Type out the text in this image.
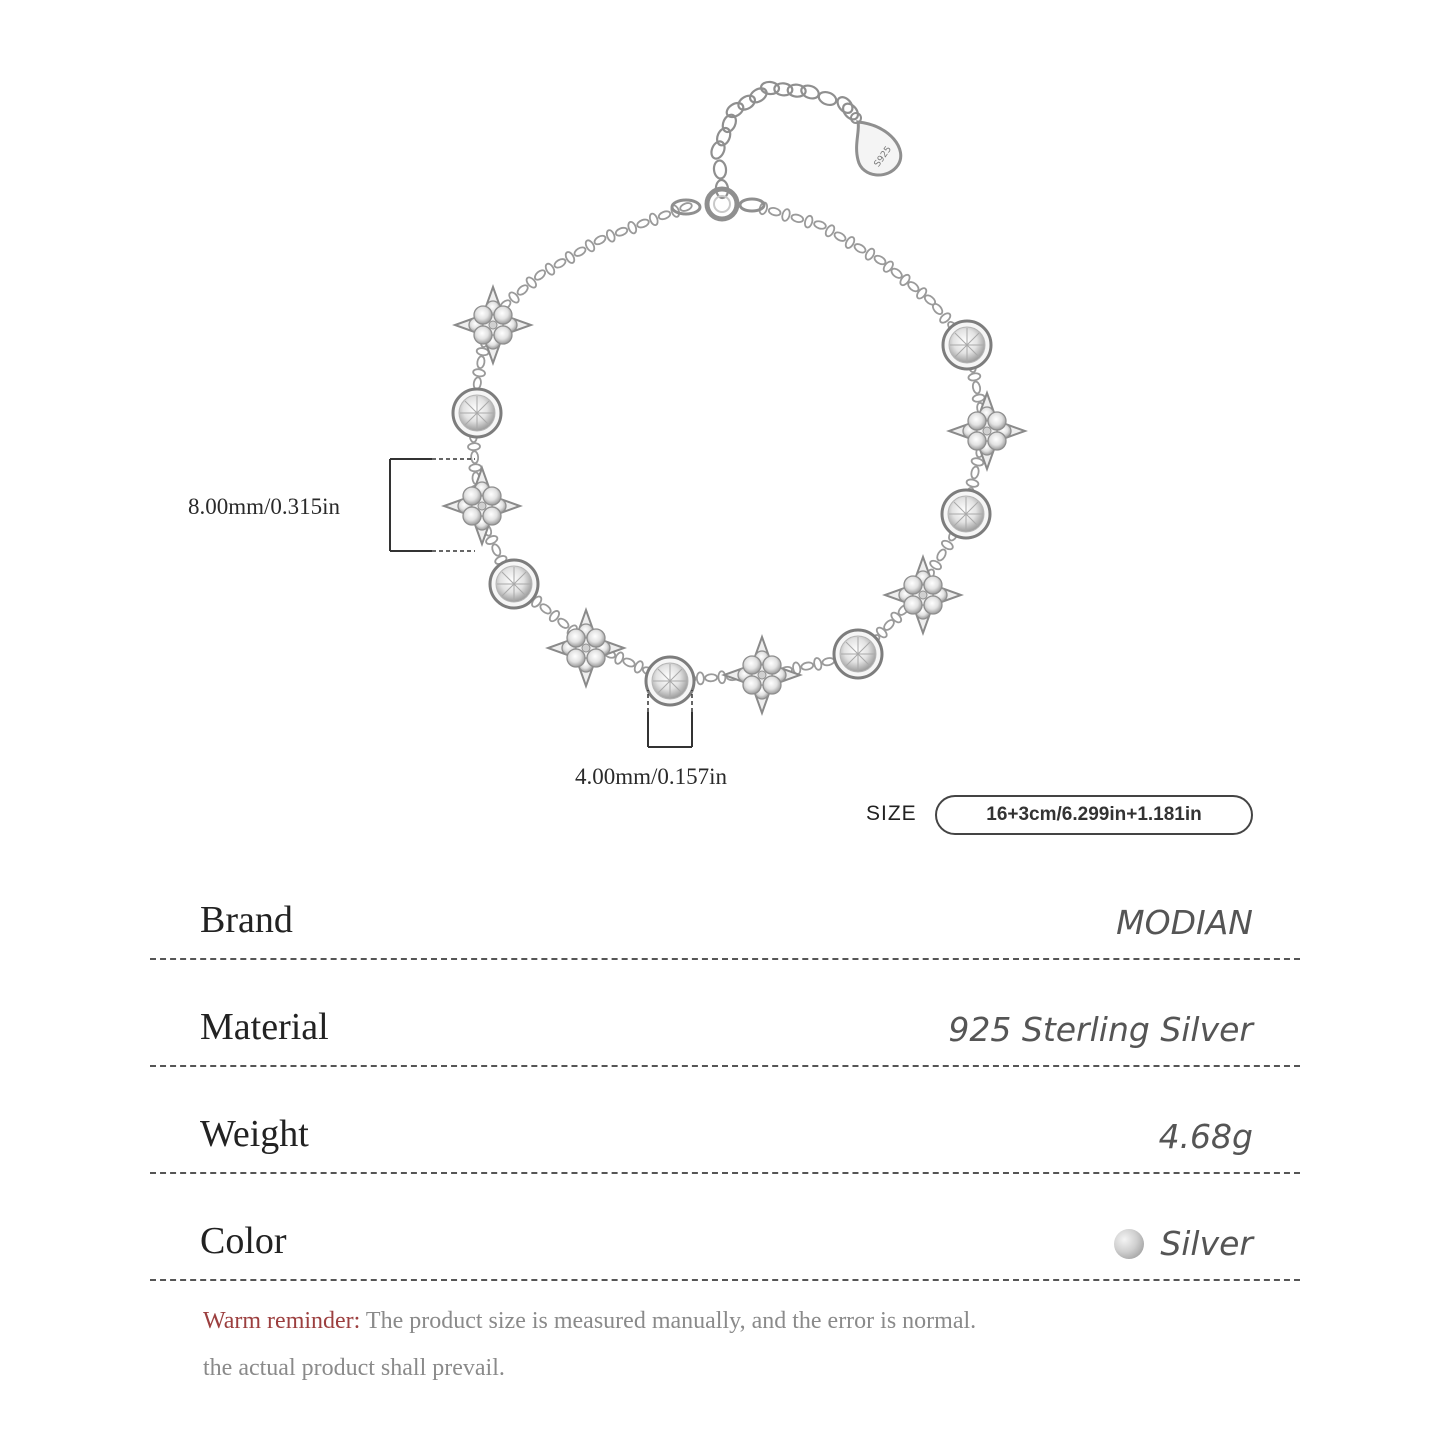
S925
8.00mm/0.315in
4.00mm/0.157in
SIZE	16+3cm/6.299in+1.181in
Brand	MODIAN
Material	925 Sterling Silver
Weight	4.68g
Color	Silver
Warm reminder: The product size is measured manually, and the error is normal.
the actual product shall prevail.
